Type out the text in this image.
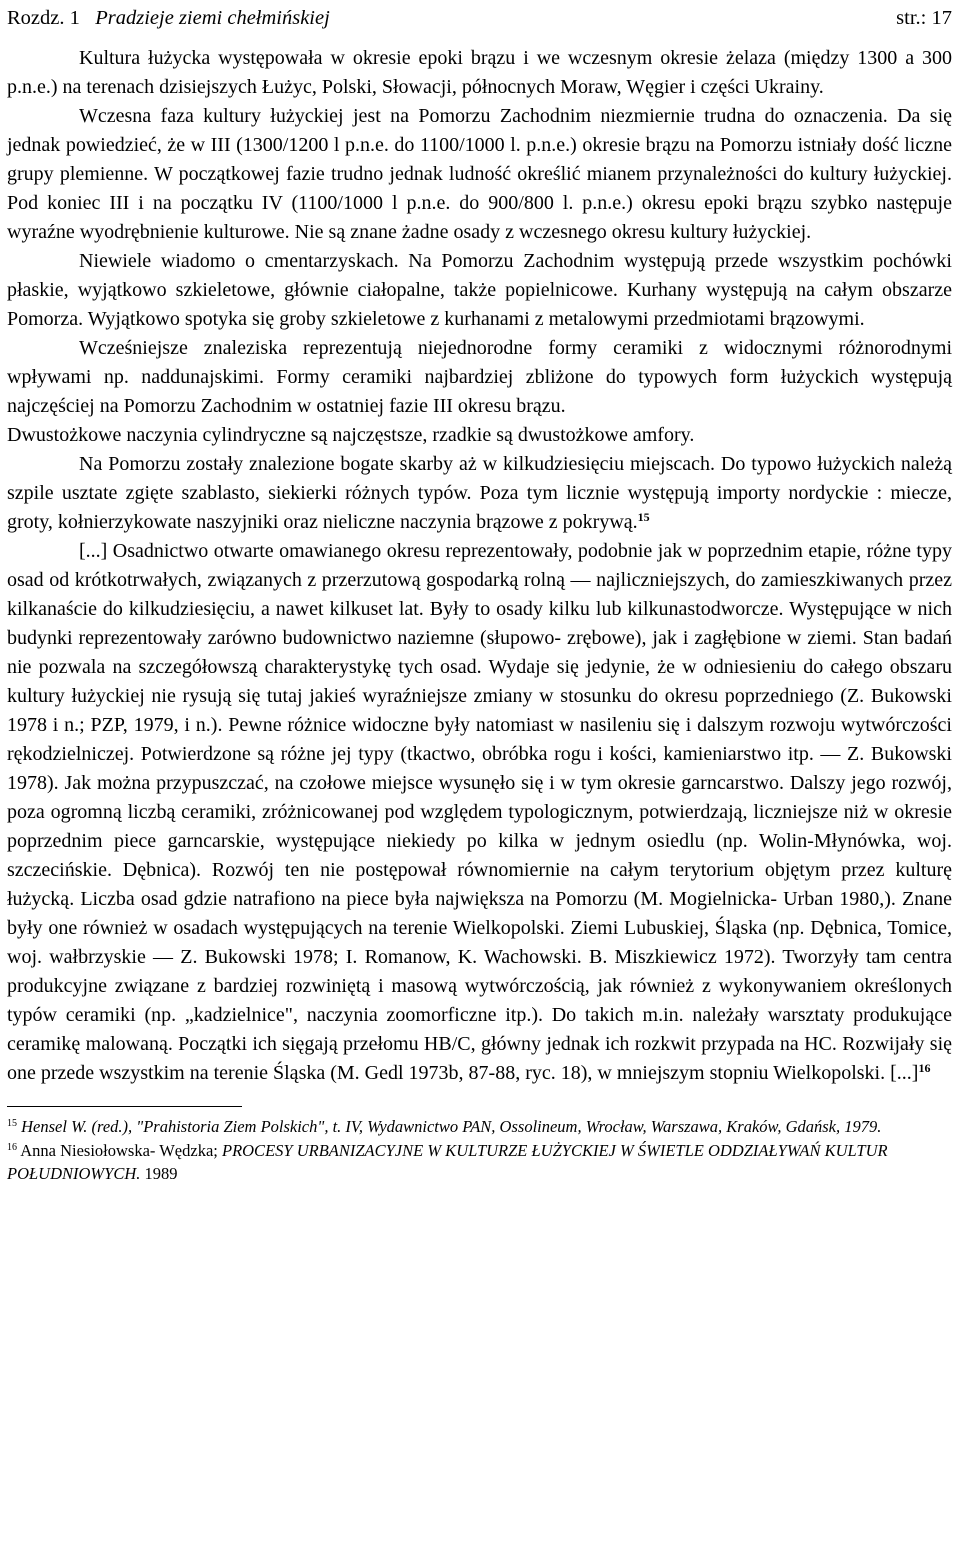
Rozdz. 1 Pradzieje ziemi chełmińskiej	str.: 17

Kultura łużycka występowała w okresie epoki brązu i we wczesnym okresie żelaza (między 1300 a 300 p.n.e.) na terenach dzisiejszych Łużyc, Polski, Słowacji, północnych Moraw, Węgier i części Ukrainy.

Wczesna faza kultury łużyckiej jest na Pomorzu Zachodnim niezmiernie trudna do oznaczenia. Da się jednak powiedzieć, że w III (1300/1200 l p.n.e. do 1100/1000 l. p.n.e.) okresie brązu na Pomorzu istniały dość liczne grupy plemienne. W początkowej fazie trudno jednak ludność określić mianem przynależności do kultury łużyckiej. Pod koniec III i na początku IV (1100/1000 l p.n.e. do 900/800 l. p.n.e.) okresu epoki brązu szybko następuje wyraźne wyodrębnienie kulturowe. Nie są znane żadne osady z wczesnego okresu kultury łużyckiej.

Niewiele wiadomo o cmentarzyskach. Na Pomorzu Zachodnim występują przede wszystkim pochówki płaskie, wyjątkowo szkieletowe, głównie ciałopalne, także popielnicowe. Kurhany występują na całym obszarze Pomorza. Wyjątkowo spotyka się groby szkieletowe z kurhanami z metalowymi przedmiotami brązowymi.

Wcześniejsze znaleziska reprezentują niejednorodne formy ceramiki z widocznymi różnorodnymi wpływami np. naddunajskimi. Formy ceramiki najbardziej zbliżone do typowych form łużyckich występują najczęściej na Pomorzu Zachodnim w ostatniej fazie III okresu brązu.

Dwustożkowe naczynia cylindryczne są najczęstsze, rzadkie są dwustożkowe amfory.

Na Pomorzu zostały znalezione bogate skarby aż w kilkudziesięciu miejscach. Do typowo łużyckich należą szpile usztate zgięte szablasto, siekierki różnych typów. Poza tym licznie występują importy nordyckie : miecze, groty, kołnierzykowate naszyjniki oraz nieliczne naczynia brązowe z pokrywą.$^{15}$

[...] Osadnictwo otwarte omawianego okresu reprezentowały, podobnie jak w poprzednim etapie, różne typy osad od krótkotrwałych, związanych z przerzutową gospodarką rolną — najliczniejszych, do zamieszkiwanych przez kilkanaście do kilkudziesięciu, a nawet kilkuset lat. Były to osady kilku lub kilkunastodworcze. Występujące w nich budynki reprezentowały zarówno budownictwo naziemne (słupowo- zrębowe), jak i zagłębione w ziemi. Stan badań nie pozwala na szczegółowszą charakterystykę tych osad. Wydaje się jedynie, że w odniesieniu do całego obszaru kultury łużyckiej nie rysują się tutaj jakieś wyraźniejsze zmiany w stosunku do okresu poprzedniego (Z. Bukowski 1978 i n.; PZP, 1979, i n.). Pewne różnice widoczne były natomiast w nasileniu się i dalszym rozwoju wytwórczości rękodzielniczej. Potwierdzone są różne jej typy (tkactwo, obróbka rogu i kości, kamieniarstwo itp. — Z. Bukowski 1978). Jak można przypuszczać, na czołowe miejsce wysunęło się i w tym okresie garncarstwo. Dalszy jego rozwój, poza ogromną liczbą ceramiki, zróżnicowanej pod względem typologicznym, potwierdzają, liczniejsze niż w okresie poprzednim piece garncarskie, występujące niekiedy po kilka w jednym osiedlu (np. Wolin-Młynówka, woj. szczecińskie. Dębnica). Rozwój ten nie postępował równomiernie na całym terytorium objętym przez kulturę łużycką. Liczba osad gdzie natrafiono na piece była największa na Pomorzu (M. Mogielnicka- Urban 1980,). Znane były one również w osadach występujących na terenie Wielkopolski. Ziemi Lubuskiej, Śląska (np. Dębnica, Tomice, woj. wałbrzyskie — Z. Bukowski 1978; I. Romanow, K. Wachowski. B. Miszkiewicz 1972). Tworzyły tam centra produkcyjne związane z bardziej rozwiniętą i masową wytwórczością, jak również z wykonywaniem określonych typów ceramiki (np. „kadzielnice", naczynia zoomorficzne itp.). Do takich m.in. należały warsztaty produkujące ceramikę malowaną. Początki ich sięgają przełomu HB/C, główny jednak ich rozkwit przypada na HC. Rozwijały się one przede wszystkim na terenie Śląska (M. Gedl 1973b, 87-88, ryc. 18), w mniejszym stopniu Wielkopolski. [...]$^{16}$

$^{15}$ Hensel W. (red.), "Prahistoria Ziem Polskich", t. IV, Wydawnictwo PAN, Ossolineum, Wrocław, Warszawa, Kraków, Gdańsk, 1979.

$^{16}$ Anna Niesiołowska- Wędzka; PROCESY URBANIZACYJNE W KULTURZE ŁUŻYCKIEJ W ŚWIETLE ODDZIAŁYWAŃ KULTUR POŁUDNIOWYCH. 1989
